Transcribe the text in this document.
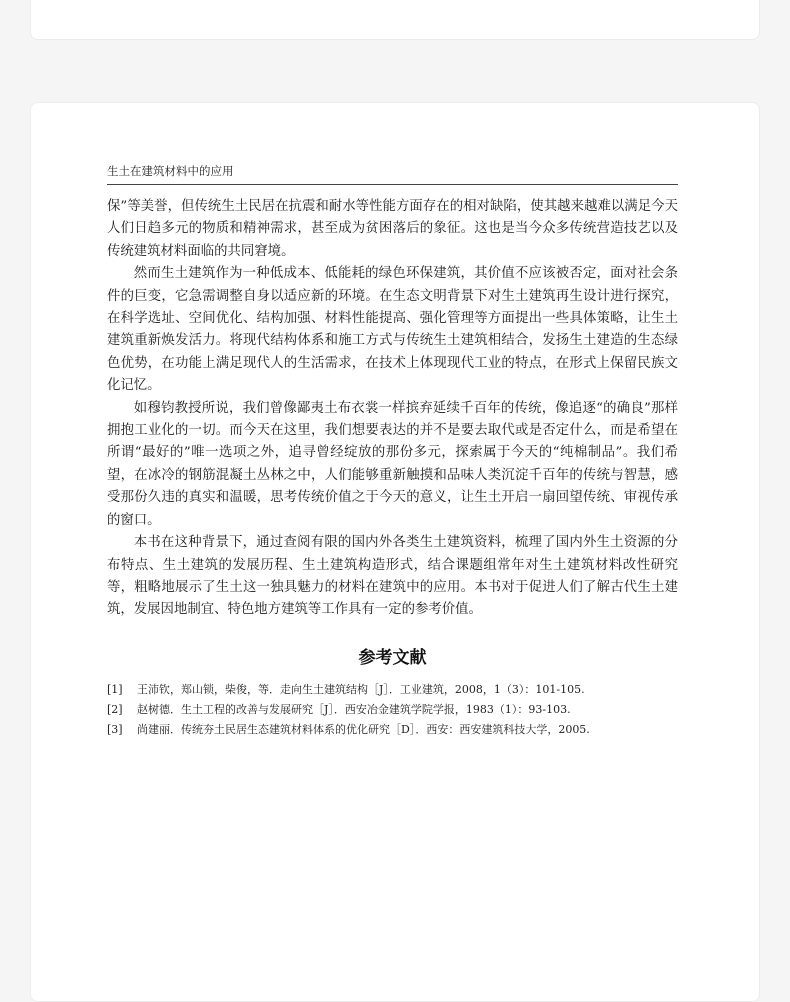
生土在建筑材料中的应用

保”等美誉，但传统生土民居在抗震和耐水等性能方面存在的相对缺陷，使其越来越难以满足今天人们日趋多元的物质和精神需求，甚至成为贫困落后的象征。这也是当今众多传统营造技艺以及传统建筑材料面临的共同窘境。

然而生土建筑作为一种低成本、低能耗的绿色环保建筑，其价值不应该被否定，面对社会条件的巨变，它急需调整自身以适应新的环境。在生态文明背景下对生土建筑再生设计进行探究，在科学选址、空间优化、结构加强、材料性能提高、强化管理等方面提出一些具体策略，让生土建筑重新焕发活力。将现代结构体系和施工方式与传统生土建筑相结合，发扬生土建造的生态绿色优势，在功能上满足现代人的生活需求，在技术上体现现代工业的特点，在形式上保留民族文化记忆。

如穆钧教授所说，我们曾像鄙夷土布衣裳一样摈弃延续千百年的传统，像追逐“的确良”那样拥抱工业化的一切。而今天在这里，我们想要表达的并不是要去取代或是否定什么，而是希望在所谓“最好的”唯一选项之外，追寻曾经绽放的那份多元，探索属于今天的“纯棉制品”。我们希望，在冰冷的钢筋混凝土丛林之中，人们能够重新触摸和品味人类沉淀千百年的传统与智慧，感受那份久违的真实和温暖，思考传统价值之于今天的意义，让生土开启一扇回望传统、审视传承的窗口。

本书在这种背景下，通过查阅有限的国内外各类生土建筑资料，梳理了国内外生土资源的分布特点、生土建筑的发展历程、生土建筑构造形式，结合课题组常年对生土建筑材料改性研究等，粗略地展示了生土这一独具魅力的材料在建筑中的应用。本书对于促进人们了解古代生土建筑，发展因地制宜、特色地方建筑等工作具有一定的参考价值。

参考文献
[1] 王沛钦，郑山锁，柴俊，等．走向生土建筑结构［J］．工业建筑，2008，1（3）：101-105.
[2] 赵树德．生土工程的改善与发展研究［J］．西安冶金建筑学院学报，1983（1）：93-103.
[3] 尚建丽．传统夯土民居生态建筑材料体系的优化研究［D］．西安：西安建筑科技大学，2005.
